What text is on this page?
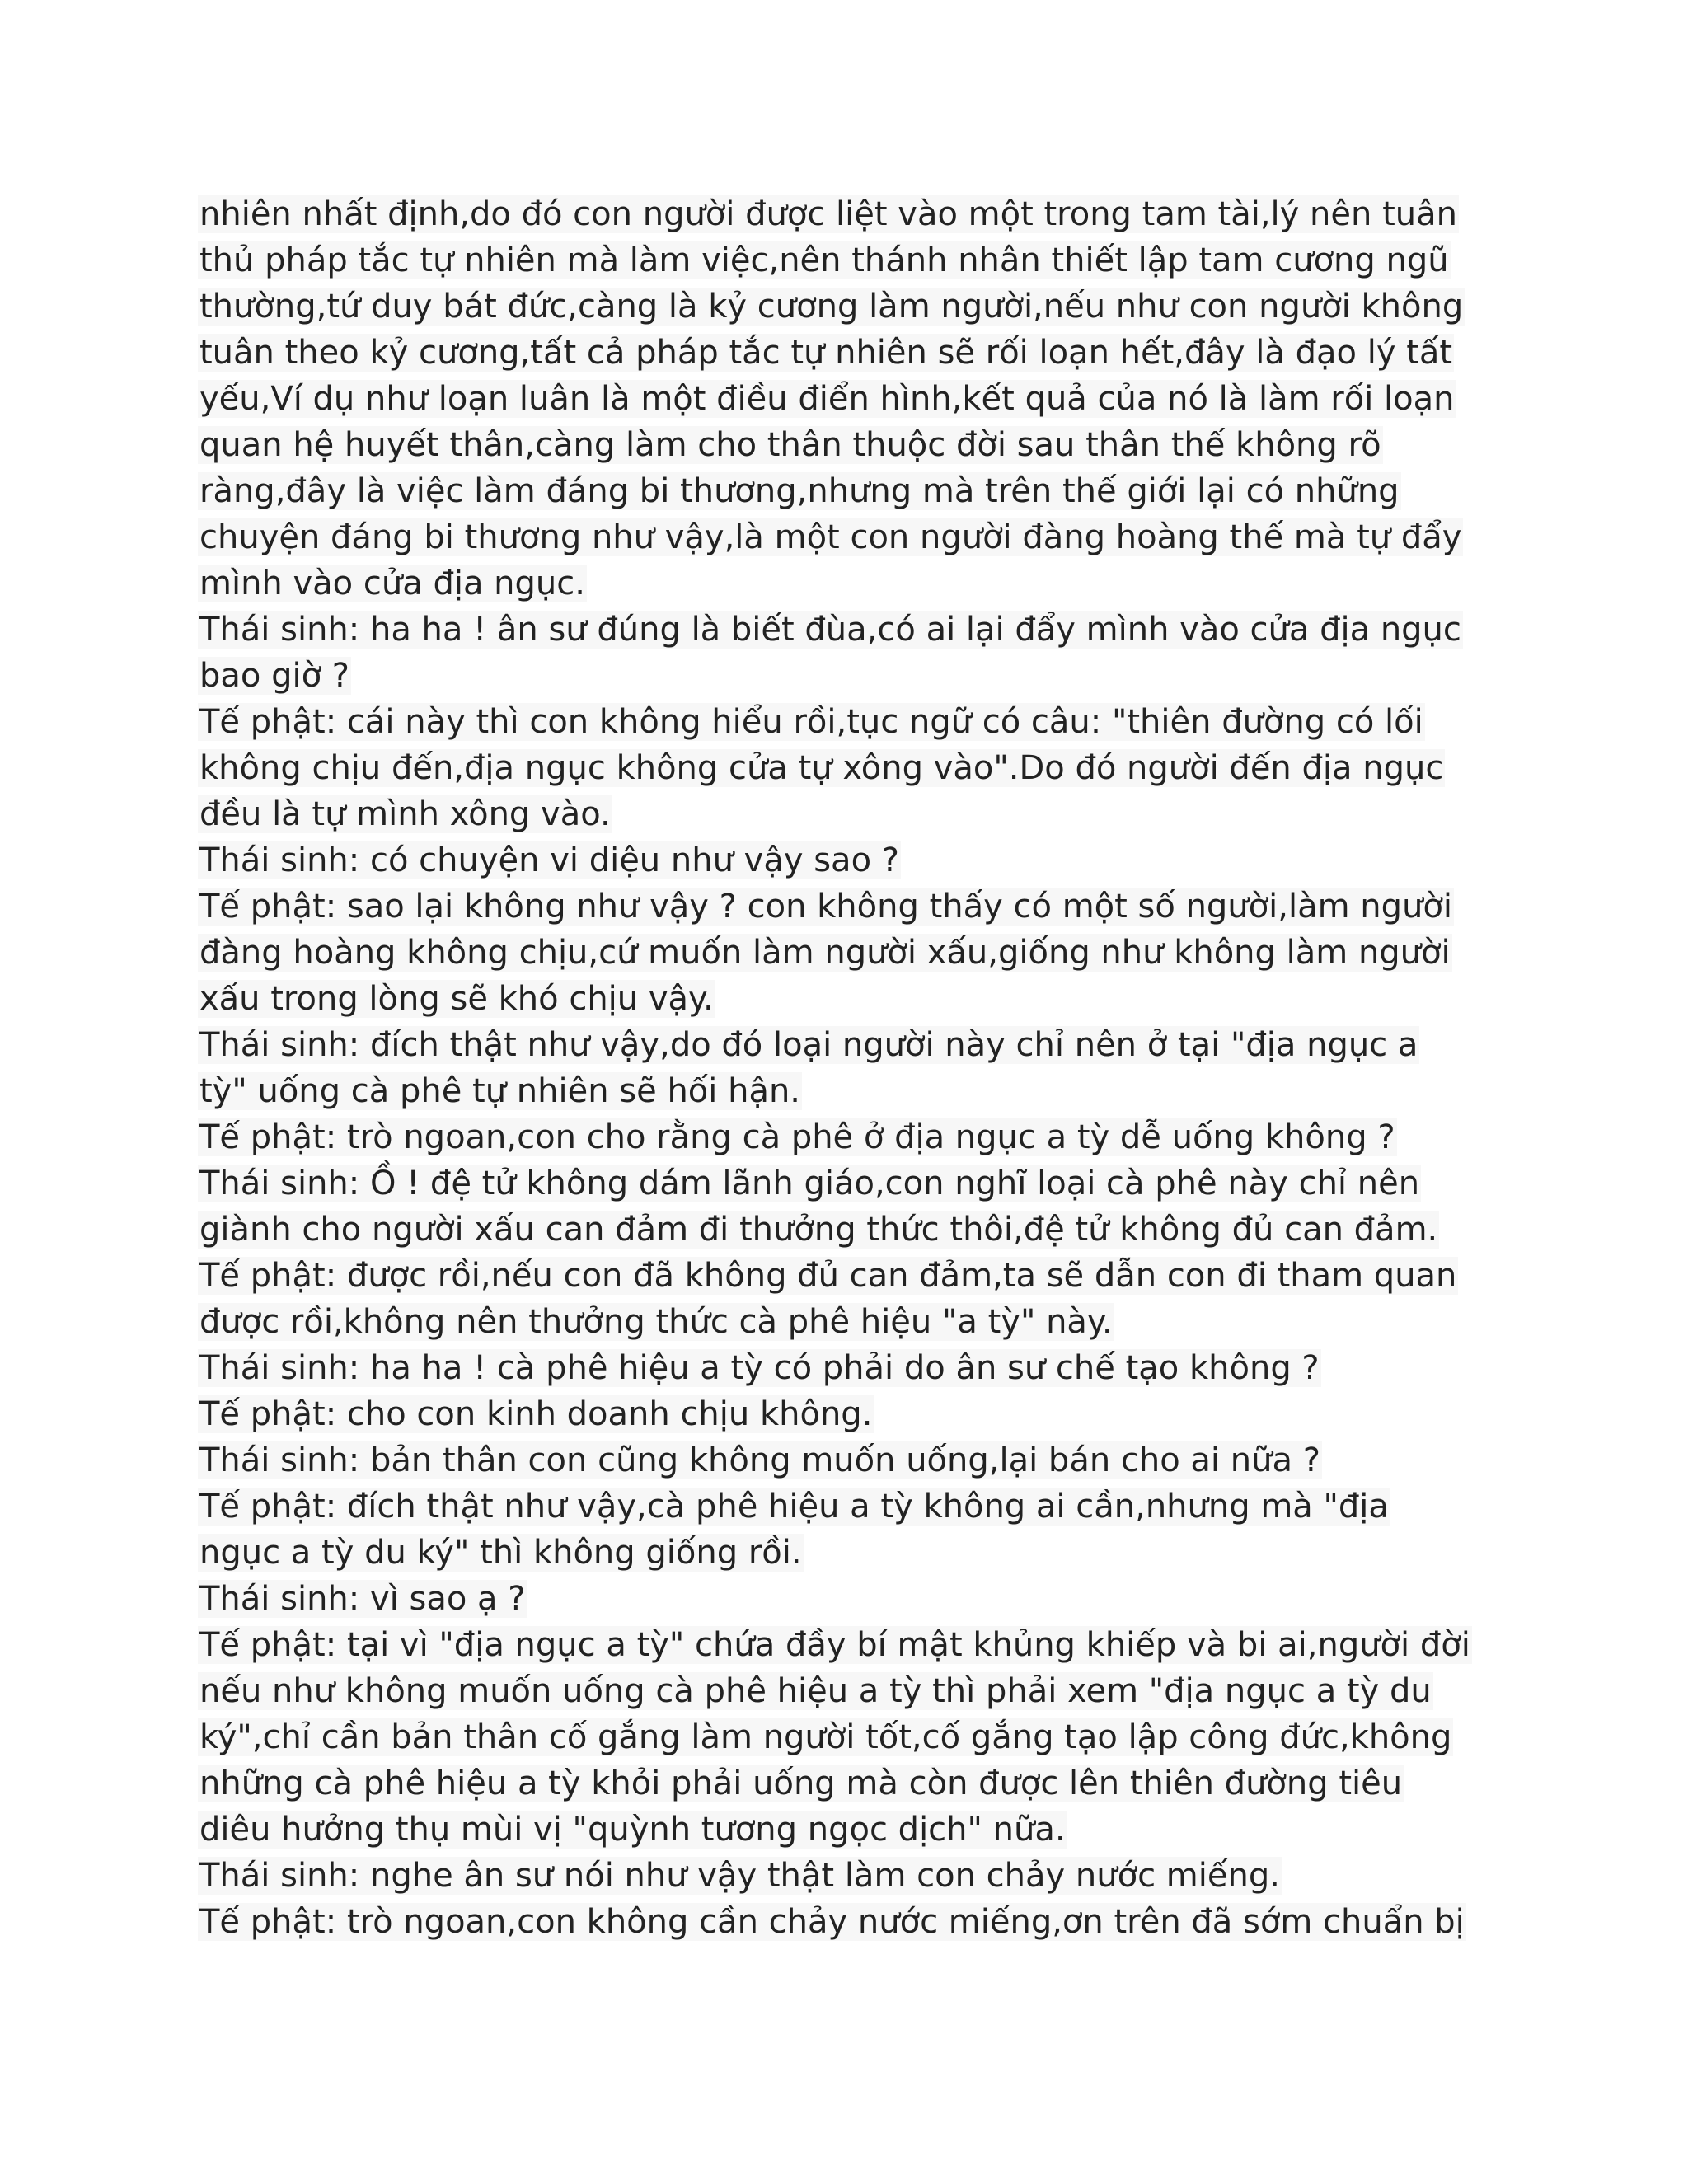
nhiên nhất định,do đó con người được liệt vào một trong tam tài,lý nên tuân
thủ pháp tắc tự nhiên mà làm việc,nên thánh nhân thiết lập tam cương ngũ
thường,tứ duy bát đức,càng là kỷ cương làm người,nếu như con người không
tuân theo kỷ cương,tất cả pháp tắc tự nhiên sẽ rối loạn hết,đây là đạo lý tất
yếu,Ví dụ như loạn luân là một điều điển hình,kết quả của nó là làm rối loạn
quan hệ huyết thân,càng làm cho thân thuộc đời sau thân thế không rõ
ràng,đây là việc làm đáng bi thương,nhưng mà trên thế giới lại có những
chuyện đáng bi thương như vậy,là một con người đàng hoàng thế mà tự đẩy
mình vào cửa địa ngục.
Thái sinh: ha ha ! ân sư đúng là biết đùa,có ai lại đẩy mình vào cửa địa ngục
bao giờ ?
Tế phật: cái này thì con không hiểu rồi,tục ngữ có câu: "thiên đường có lối
không chịu đến,địa ngục không cửa tự xông vào".Do đó người đến địa ngục
đều là tự mình xông vào.
Thái sinh: có chuyện vi diệu như vậy sao ?
Tế phật: sao lại không như vậy ? con không thấy có một số người,làm người
đàng hoàng không chịu,cứ muốn làm người xấu,giống như không làm người
xấu trong lòng sẽ khó chịu vậy.
Thái sinh: đích thật như vậy,do đó loại người này chỉ nên ở tại "địa ngục a
tỳ" uống cà phê tự nhiên sẽ hối hận.
Tế phật: trò ngoan,con cho rằng cà phê ở địa ngục a tỳ dễ uống không ?
Thái sinh: Ồ ! đệ tử không dám lãnh giáo,con nghĩ loại cà phê này chỉ nên
giành cho người xấu can đảm đi thưởng thức thôi,đệ tử không đủ can đảm.
Tế phật: được rồi,nếu con đã không đủ can đảm,ta sẽ dẫn con đi tham quan
được rồi,không nên thưởng thức cà phê hiệu "a tỳ" này.
Thái sinh: ha ha ! cà phê hiệu a tỳ có phải do ân sư chế tạo không ?
Tế phật: cho con kinh doanh chịu không.
Thái sinh: bản thân con cũng không muốn uống,lại bán cho ai nữa ?
Tế phật: đích thật như vậy,cà phê hiệu a tỳ không ai cần,nhưng mà "địa
ngục a tỳ du ký" thì không giống rồi.
Thái sinh: vì sao ạ ?
Tế phật: tại vì "địa ngục a tỳ" chứa đầy bí mật khủng khiếp và bi ai,người đời
nếu như không muốn uống cà phê hiệu a tỳ thì phải xem "địa ngục a tỳ du
ký",chỉ cần bản thân cố gắng làm người tốt,cố gắng tạo lập công đức,không
những cà phê hiệu a tỳ khỏi phải uống mà còn được lên thiên đường tiêu
diêu hưởng thụ mùi vị "quỳnh tương ngọc dịch" nữa.
Thái sinh: nghe ân sư nói như vậy thật làm con chảy nước miếng.
Tế phật: trò ngoan,con không cần chảy nước miếng,ơn trên đã sớm chuẩn bị
